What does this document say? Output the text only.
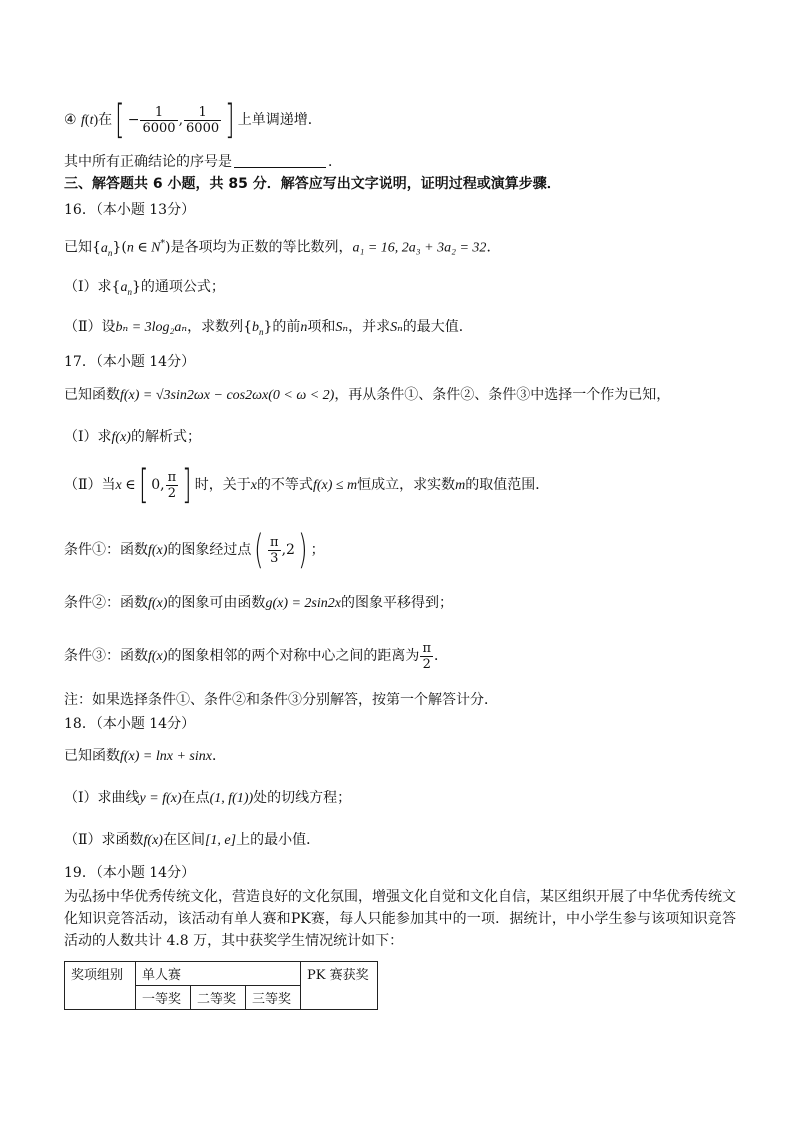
④ f(t)在[ − $\frac{1}{6000}$ , $\frac{1}{6000}$ ] 上单调递增．
其中所有正确结论的序号是	．
三、解答题共 6 小题，共 85 分．解答应写出文字说明，证明过程或演算步骤．
16．（本小题 13分）
已知$\{a_n\}(n$ ∈ N*)是各项均为正数的等比数列，a₁ = 16, 2a₃ + 3a₂ = 32．
（Ⅰ）求$\{a_n\}$的通项公式；
（Ⅱ）设bₙ = 3log₂aₙ，求数列$\{b_n\}$的前n项和Sₙ，并求Sₙ的最大值．
17．（本小题 14分）
已知函数f(x) = √3sin2ωx − cos2ωx(0 < ω < 2)，再从条件①、条件②、条件③中选择一个作为已知，
（Ⅰ）求f(x)的解析式；
（Ⅱ）当x ∈[ 0, $\frac{\pi}{2}$ ] 时，关于x的不等式f(x) ≤ m恒成立，求实数m的取值范围．
条件①：函数f(x)的图象经过点( $\frac{\pi}{3} ,2$) ；
条件②：函数f(x)的图象可由函数g(x) = 2sin2x的图象平移得到；
条件③：函数f(x)的图象相邻的两个对称中心之间的距离为 $\frac{\pi}{2}$ ．
注：如果选择条件①、条件②和条件③分别解答，按第一个解答计分．
18．（本小题 14分）
已知函数f(x) = lnx + sinx．
（Ⅰ）求曲线y = f(x)在点(1, f(1))处的切线方程；
（Ⅱ）求函数f(x)在区间[1, e]上的最小值．
19．（本小题 14分）
为弘扬中华优秀传统文化，营造良好的文化氛围，增强文化自觉和文化自信，某区组织开展了中华优秀传统文化知识竞答活动，该活动有单人赛和PK赛，每人只能参加其中的一项．据统计，中小学生参与该项知识竞答活动的人数共计 4.8 万，其中获奖学生情况统计如下：
奖项组别	单人赛			PK 赛获奖
	一等奖	二等奖	三等奖	
